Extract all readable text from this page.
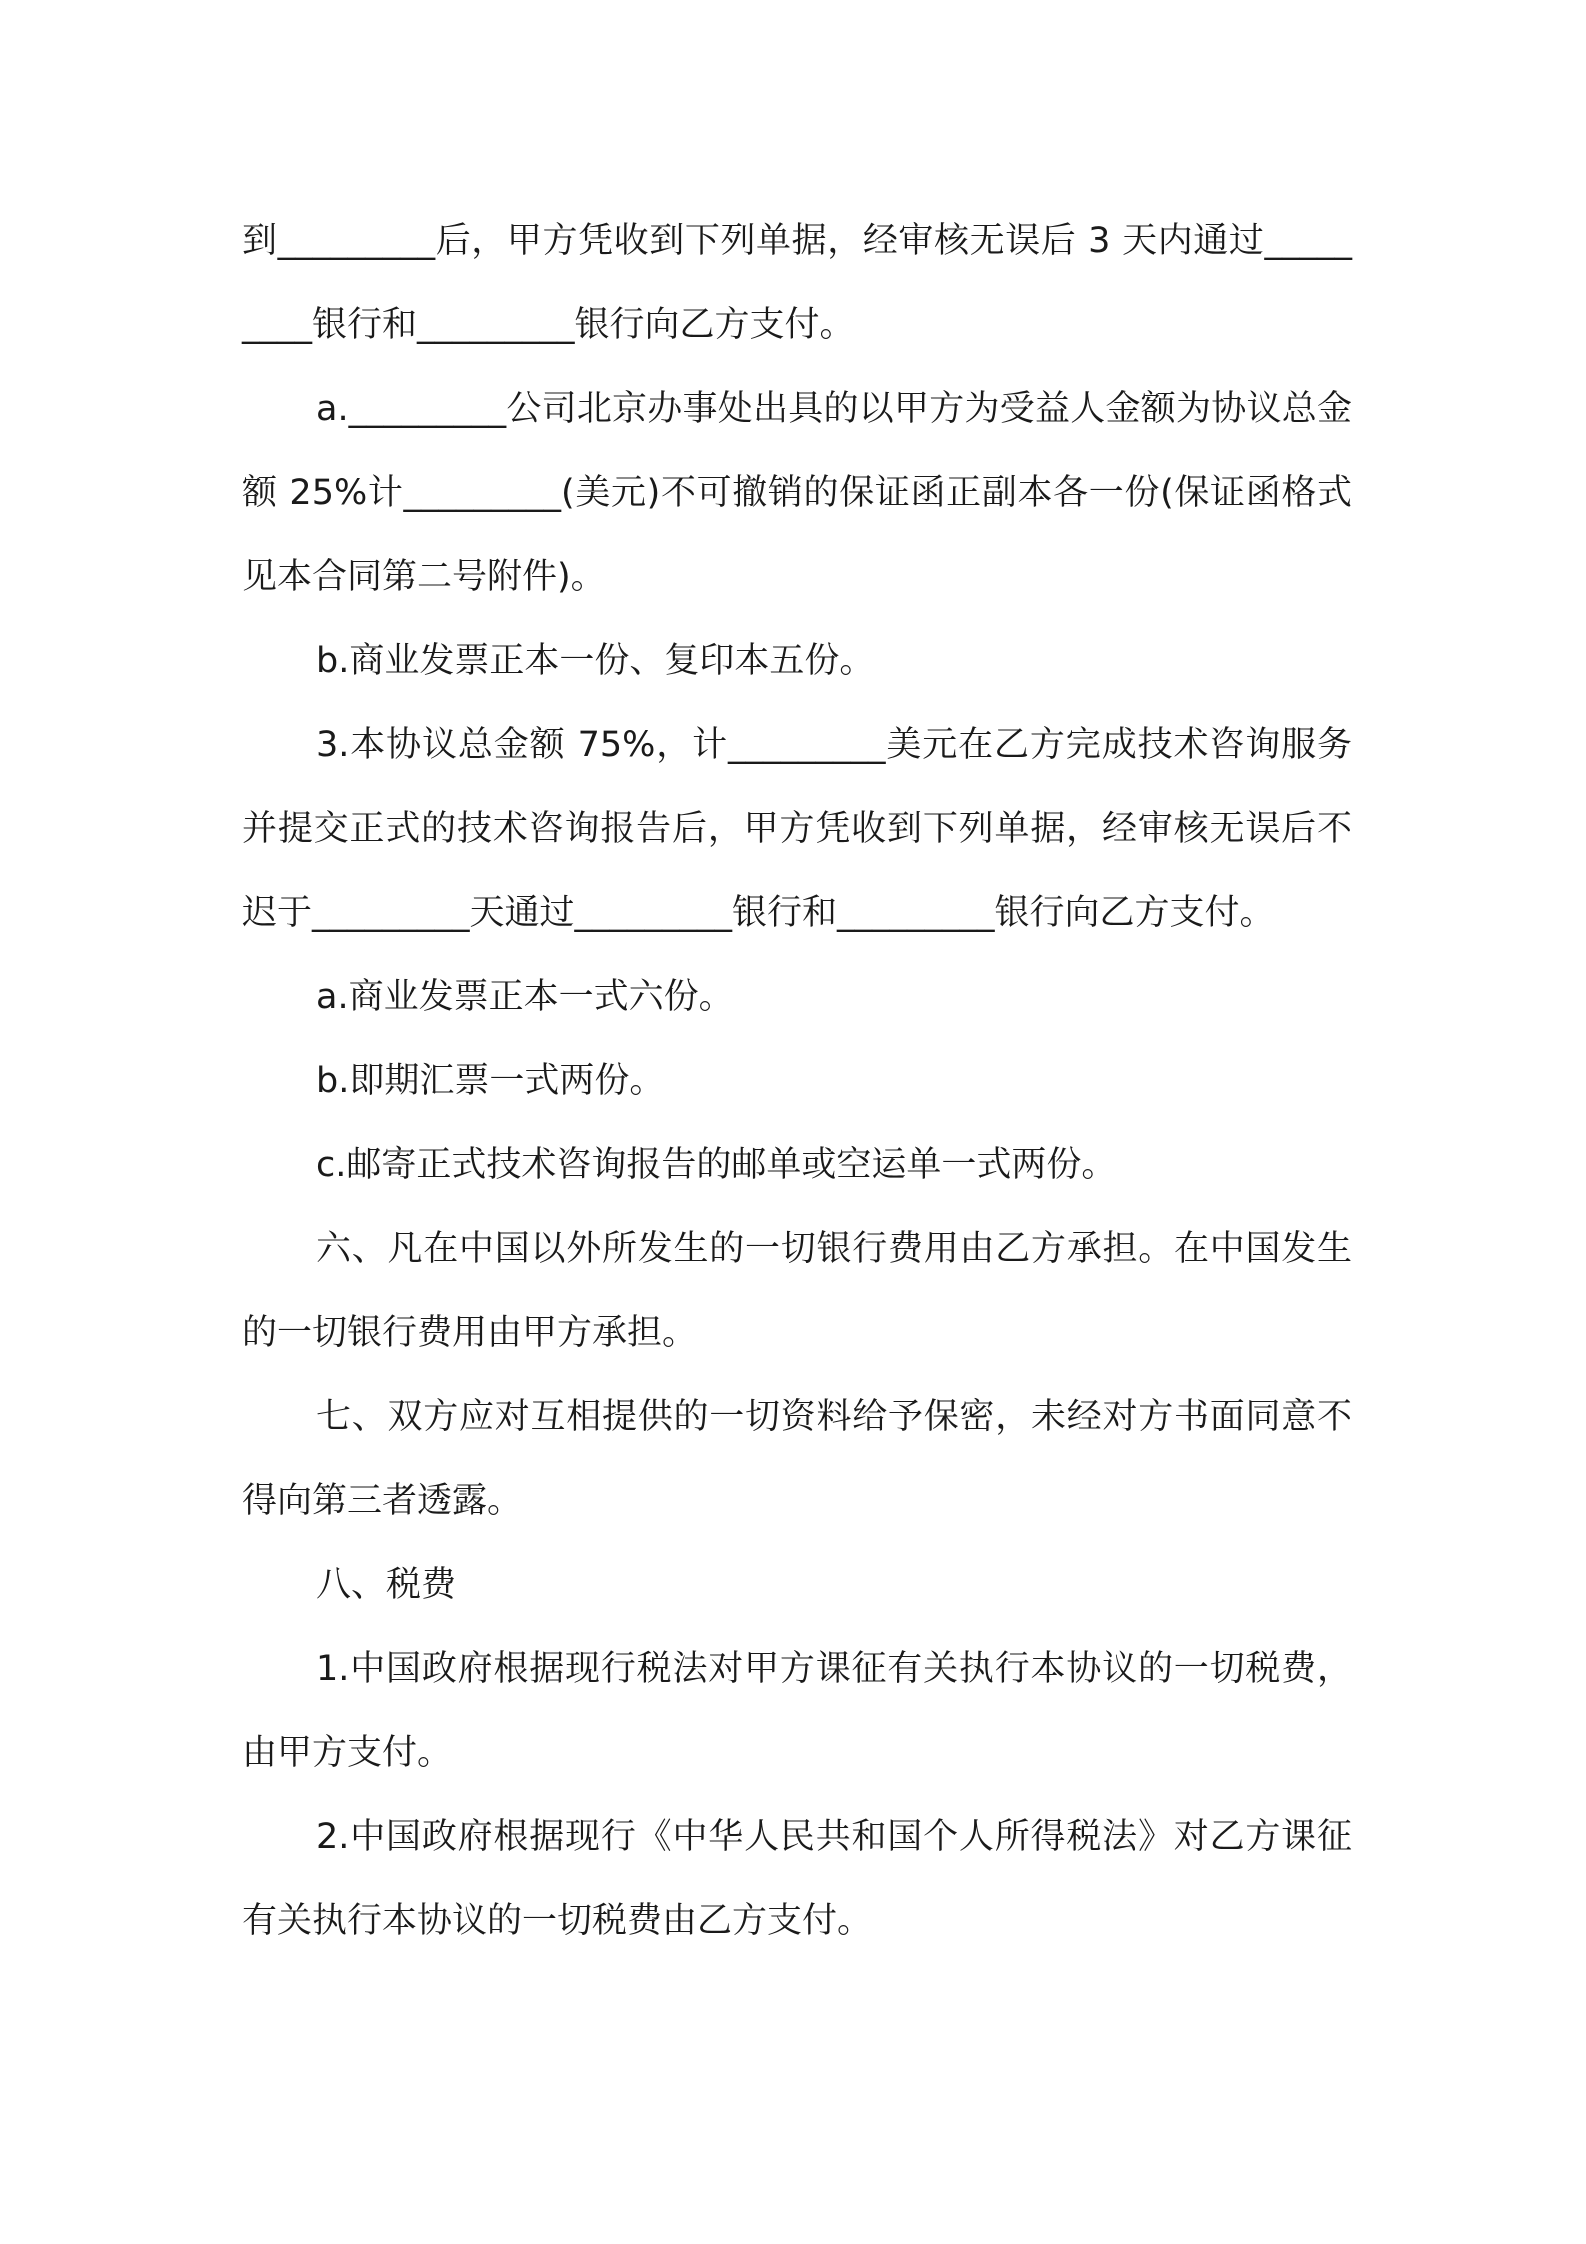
到_________后，甲方凭收到下列单据，经审核无误后 3 天内通过_________银行和_________银行向乙方支付。

a._________公司北京办事处出具的以甲方为受益人金额为协议总金额 25%计_________(美元)不可撤销的保证函正副本各一份(保证函格式见本合同第二号附件)。

b.商业发票正本一份、复印本五份。

3.本协议总金额 75%，计_________美元在乙方完成技术咨询服务并提交正式的技术咨询报告后，甲方凭收到下列单据，经审核无误后不迟于_________天通过_________银行和_________银行向乙方支付。

a.商业发票正本一式六份。

b.即期汇票一式两份。

c.邮寄正式技术咨询报告的邮单或空运单一式两份。

六、凡在中国以外所发生的一切银行费用由乙方承担。在中国发生的一切银行费用由甲方承担。

七、双方应对互相提供的一切资料给予保密，未经对方书面同意不得向第三者透露。

八、税费

1.中国政府根据现行税法对甲方课征有关执行本协议的一切税费，由甲方支付。

2.中国政府根据现行《中华人民共和国个人所得税法》对乙方课征有关执行本协议的一切税费由乙方支付。
